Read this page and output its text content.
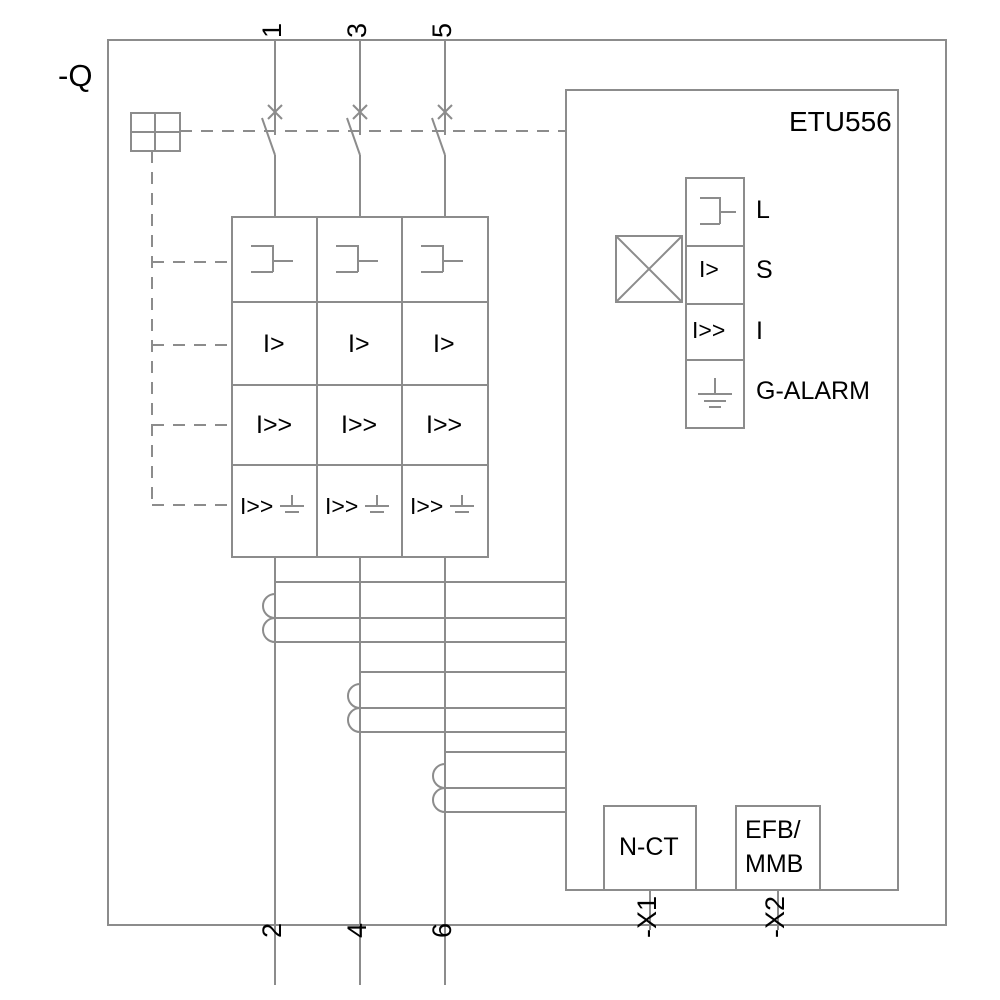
-Q
ETU556
1 3 5
2 4 6	-X1	-X2
I>	I>	I>
I>> I>> I>>
I>> I>> I>>
I>
I>>
L
S
I
G-ALARM
N-CT
EFB/
MMB
